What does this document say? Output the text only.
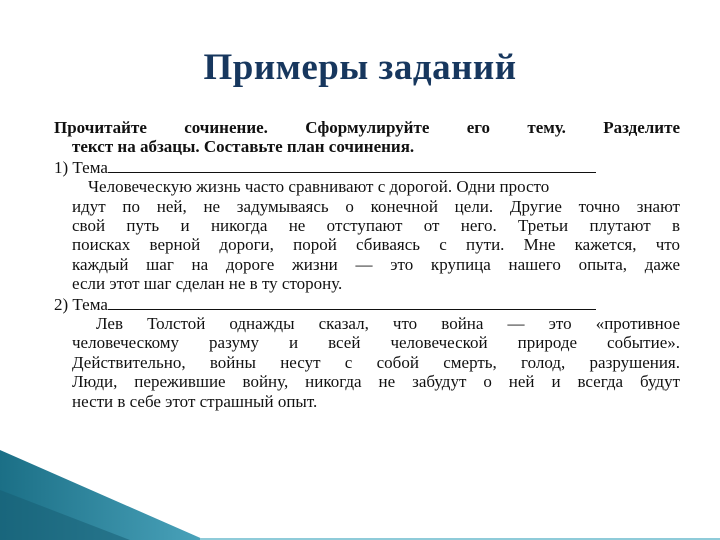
Примеры заданий
Прочитайте сочинение. Сформулируйте его тему. Разделите
текст на абзацы. Составьте план сочинения.
1) Тема
Человеческую жизнь часто сравнивают с дорогой. Одни просто
идут по ней, не задумываясь о конечной цели. Другие точно знают
свой путь и никогда не отступают от него. Третьи плутают в
поисках верной дороги, порой сбиваясь с пути. Мне кажется, что
каждый шаг на дороге жизни — это крупица нашего опыта, даже
если этот шаг сделан не в ту сторону.
2) Тема
Лев Толстой однажды сказал, что война — это «противное
человеческому разуму и всей человеческой природе событие».
Действительно, войны несут с собой смерть, голод, разрушения.
Люди, пережившие войну, никогда не забудут о ней и всегда будут
нести в себе этот страшный опыт.
